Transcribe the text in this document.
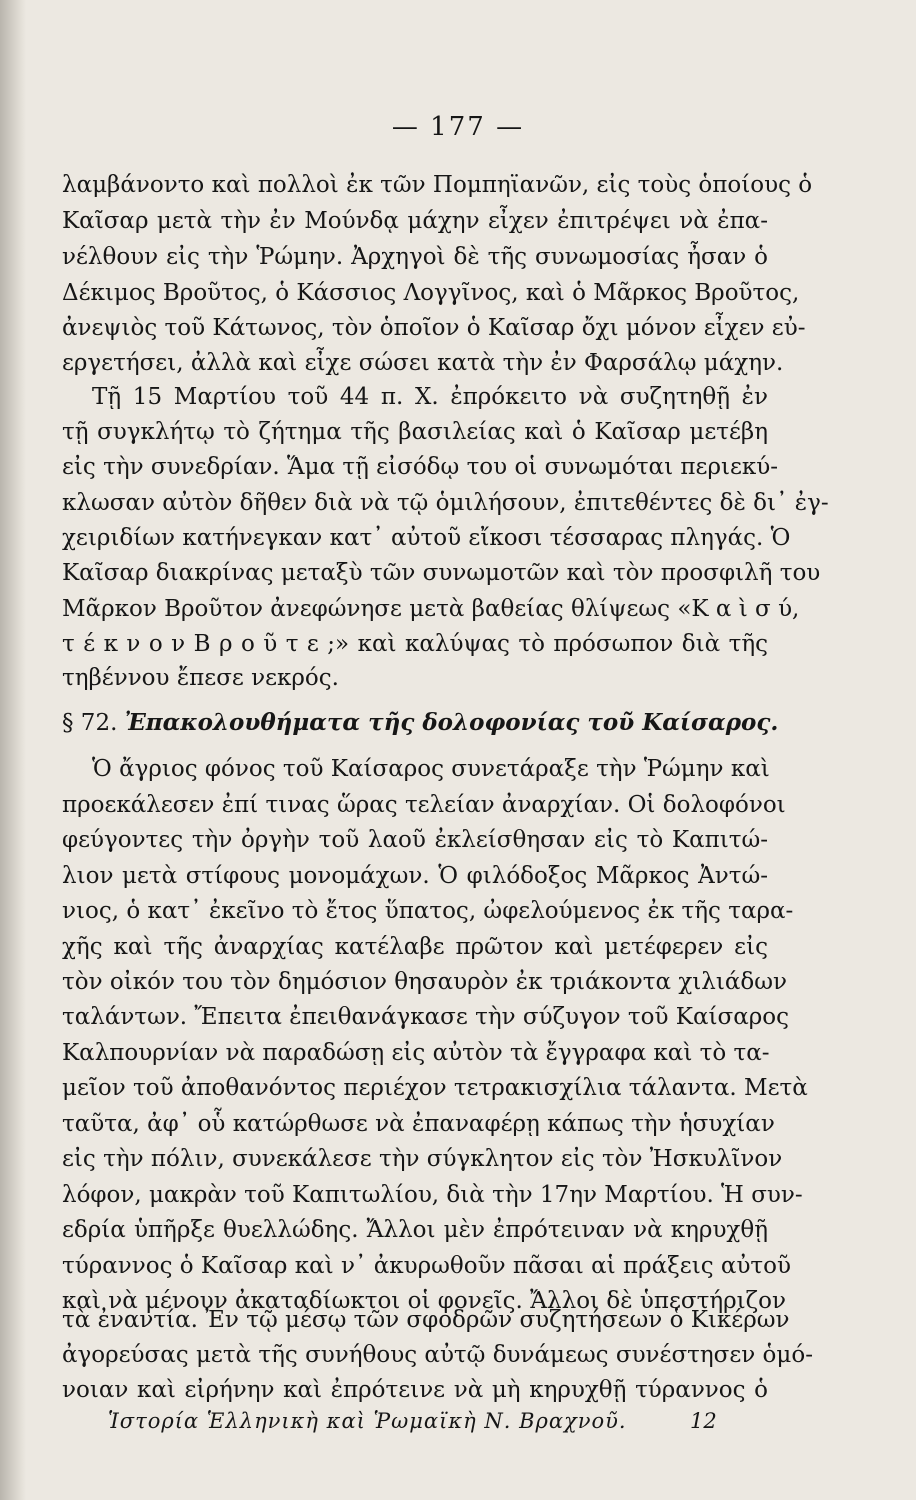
— 177 —
λαμβάνοντο καὶ πολλοὶ ἐκ τῶν Πομπηϊανῶν, εἰς τοὺς ὁποίους ὁ
Καῖσαρ μετὰ τὴν ἐν Μούνδᾳ μάχην εἶχεν ἐπιτρέψει νὰ ἐπα-
νέλθουν εἰς τὴν Ῥώμην. Ἀρχηγοὶ δὲ τῆς συνωμοσίας ἦσαν ὁ
Δέκιμος Βροῦτος, ὁ Κάσσιος Λογγῖνος, καὶ ὁ Μᾶρκος Βροῦτος,
ἀνεψιὸς τοῦ Κάτωνος, τὸν ὁποῖον ὁ Καῖσαρ ὄχι μόνον εἶχεν εὐ-
εργετήσει, ἀλλὰ καὶ εἶχε σώσει κατὰ τὴν ἐν Φαρσάλῳ μάχην.
Τῇ 15 Μαρτίου τοῦ 44 π. Χ. ἐπρόκειτο νὰ συζητηθῇ ἐν
τῇ συγκλήτῳ τὸ ζήτημα τῆς βασιλείας καὶ ὁ Καῖσαρ μετέβη
εἰς τὴν συνεδρίαν. Ἅμα τῇ εἰσόδῳ του οἱ συνωμόται περιεκύ-
κλωσαν αὐτὸν δῆθεν διὰ νὰ τῷ ὁμιλήσουν, ἐπιτεθέντες δὲ δι᾽ ἐγ-
χειριδίων κατήνεγκαν κατ᾽ αὐτοῦ εἴκοσι τέσσαρας πληγάς. Ὁ
Καῖσαρ διακρίνας μεταξὺ τῶν συνωμοτῶν καὶ τὸν προσφιλῆ του
Μᾶρκον Βροῦτον ἀνεφώνησε μετὰ βαθείας θλίψεως «Κ α ὶ σ ύ,
τ έ κ ν ο ν Β ρ ο ῦ τ ε ;» καὶ καλύψας τὸ πρόσωπον διὰ τῆς
τηβέννου ἔπεσε νεκρός.
§ 72. Ἐπακολουθήματα τῆς δολοφονίας τοῦ Καίσαρος.
Ὁ ἄγριος φόνος τοῦ Καίσαρος συνετάραξε τὴν Ῥώμην καὶ
προεκάλεσεν ἐπί τινας ὥρας τελείαν ἀναρχίαν. Οἱ δολοφόνοι
φεύγοντες τὴν ὀργὴν τοῦ λαοῦ ἐκλείσθησαν εἰς τὸ Καπιτώ-
λιον μετὰ στίφους μονομάχων. Ὁ φιλόδοξος Μᾶρκος Ἀντώ-
νιος, ὁ κατ᾽ ἐκεῖνο τὸ ἔτος ὕπατος, ὠφελούμενος ἐκ τῆς ταρα-
χῆς καὶ τῆς ἀναρχίας κατέλαβε πρῶτον καὶ μετέφερεν εἰς
τὸν οἰκόν του τὸν δημόσιον θησαυρὸν ἐκ τριάκοντα χιλιάδων
ταλάντων. Ἔπειτα ἐπειθανάγκασε τὴν σύζυγον τοῦ Καίσαρος
Καλπουρνίαν νὰ παραδώσῃ εἰς αὐτὸν τὰ ἔγγραφα καὶ τὸ τα-
μεῖον τοῦ ἀποθανόντος περιέχον τετρακισχίλια τάλαντα. Μετὰ
ταῦτα, ἀφ᾽ οὗ κατώρθωσε νὰ ἐπαναφέρῃ κάπως τὴν ἡσυχίαν
εἰς τὴν πόλιν, συνεκάλεσε τὴν σύγκλητον εἰς τὸν Ἠσκυλῖνον
λόφον, μακρὰν τοῦ Καπιτωλίου, διὰ τὴν 17ην Μαρτίου. Ἡ συν-
εδρία ὑπῆρξε θυελλώδης. Ἄλλοι μὲν ἐπρότειναν νὰ κηρυχθῇ
τύραννος ὁ Καῖσαρ καὶ ν᾽ ἀκυρωθοῦν πᾶσαι αἱ πράξεις αὐτοῦ
καὶ νὰ μένουν ἀκαταδίωκτοι οἱ φονεῖς. Ἄλλοι δὲ ὑπεστήριζον
τὰ ἐναντία. Ἐν τῷ μέσῳ τῶν σφοδρῶν συζητήσεων ὁ Κικέρων
ἀγορεύσας μετὰ τῆς συνήθους αὐτῷ δυνάμεως συνέστησεν ὁμό-
νοιαν καὶ εἰρήνην καὶ ἐπρότεινε νὰ μὴ κηρυχθῇ τύραννος ὁ
Ἱστορία Ἑλληνικὴ καὶ Ῥωμαϊκὴ Ν. Βραχνοῦ.	12
